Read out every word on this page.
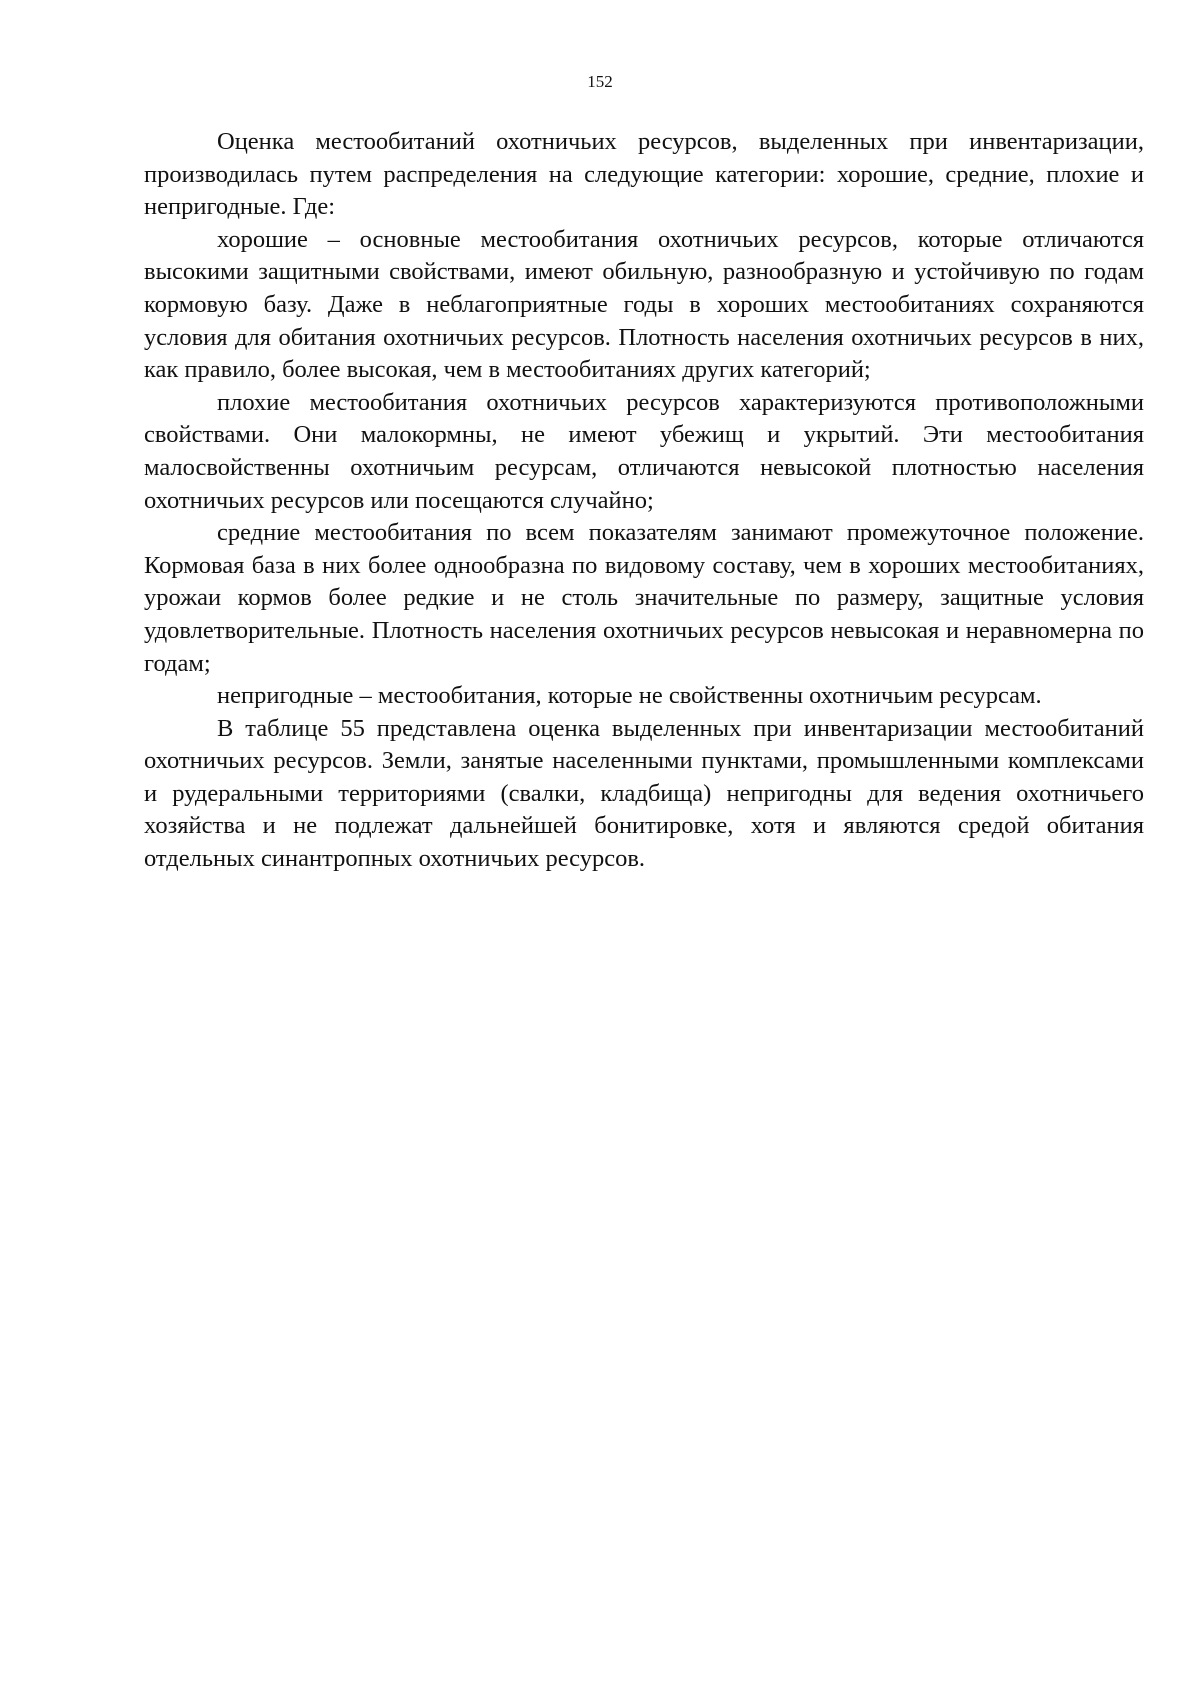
152

Оценка местообитаний охотничьих ресурсов, выделенных при инвентаризации, производилась путем распределения на следующие категории: хорошие, средние, плохие и непригодные. Где:

хорошие – основные местообитания охотничьих ресурсов, которые отличаются высокими защитными свойствами, имеют обильную, разнообразную и устойчивую по годам кормовую базу. Даже в неблагоприятные годы в хороших местообитаниях сохраняются условия для обитания охотничьих ресурсов. Плотность населения охотничьих ресурсов в них, как правило, более высокая, чем в местообитаниях других категорий;

плохие местообитания охотничьих ресурсов характеризуются противоположными свойствами. Они малокормны, не имеют убежищ и укрытий. Эти местообитания малосвойственны охотничьим ресурсам, отличаются невысокой плотностью населения охотничьих ресурсов или посещаются случайно;

средние местообитания по всем показателям занимают промежуточное положение. Кормовая база в них более однообразна по видовому составу, чем в хороших местообитаниях, урожаи кормов более редкие и не столь значительные по размеру, защитные условия удовлетворительные. Плотность населения охотничьих ресурсов невысокая и неравномерна по годам;

непригодные – местообитания, которые не свойственны охотничьим ресурсам.

В таблице 55 представлена оценка выделенных при инвентаризации местообитаний охотничьих ресурсов. Земли, занятые населенными пунктами, промышленными комплексами и рудеральными территориями (свалки, кладбища) непригодны для ведения охотничьего хозяйства и не подлежат дальнейшей бонитировке, хотя и являются средой обитания отдельных синантропных охотничьих ресурсов.
